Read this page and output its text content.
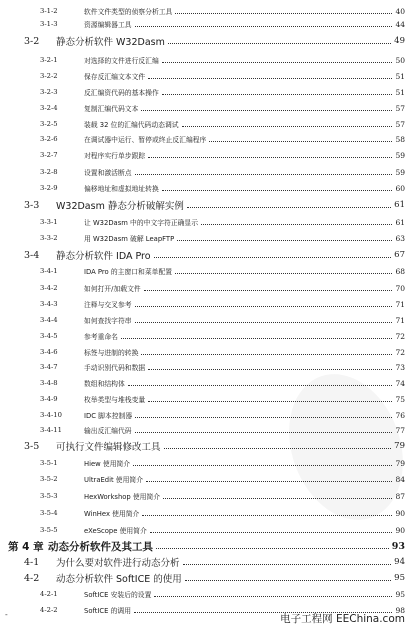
3-1-2	软件文件类型的侦察分析工具	40
3-1-3	资源编辑器工具	44
3-2 静态分析软件 W32Dasm	49
3-2-1	对选择的文件进行反汇编	50
3-2-2	保存反汇编文本文件	51
3-2-3	反汇编资代码的基本操作	51
3-2-4	复制汇编代码文本	57
3-2-5	装载 32 位的汇编代码动态调试	57
3-2-6	在调试器中运行、暂停或终止反汇编程序	58
3-2-7	对程序实行单步跟踪	59
3-2-8	设置和激活断点	59
3-2-9	偏移地址和虚拟地址转换	60
3-3 W32Dasm 静态分析破解实例	61
3-3-1	让 W32Dasm 中的中文字符正确显示	61
3-3-2	用 W32Dasm 破解 LeapFTP	63
3-4 静态分析软件 IDA Pro	67
3-4-1	IDA Pro 的主窗口和菜单配置	68
3-4-2	如何打开/加载文件	70
3-4-3	注释与交叉参考	71
3-4-4	如何查找字符串	71
3-4-5	参考重命名	72
3-4-6	标签与进制的转换	72
3-4-7	手动识别代码和数据	73
3-4-8	数组和结构体	74
3-4-9	枚举类型与堆栈变量	75
3-4-10	IDC 脚本控制器	76
3-4-11	输出反汇编代码	77
3-5 可执行文件编辑修改工具	79
3-5-1	Hiew 使用简介	79
3-5-2	UltraEdit 使用简介	84
3-5-3	HexWorkshop 使用简介	87
3-5-4	WinHex 使用简介	90
3-5-5	eXeScope 使用简介	90
第 4 章 动态分析软件及其工具	93
4-1 为什么要对软件进行动态分析	94
4-2 动态分析软件 SoftICE 的使用	95
4-2-1	SoftICE 安装后的设置	95
4-2-2	SoftICE 的调用	98
-	电子工程网 EEChina.com
